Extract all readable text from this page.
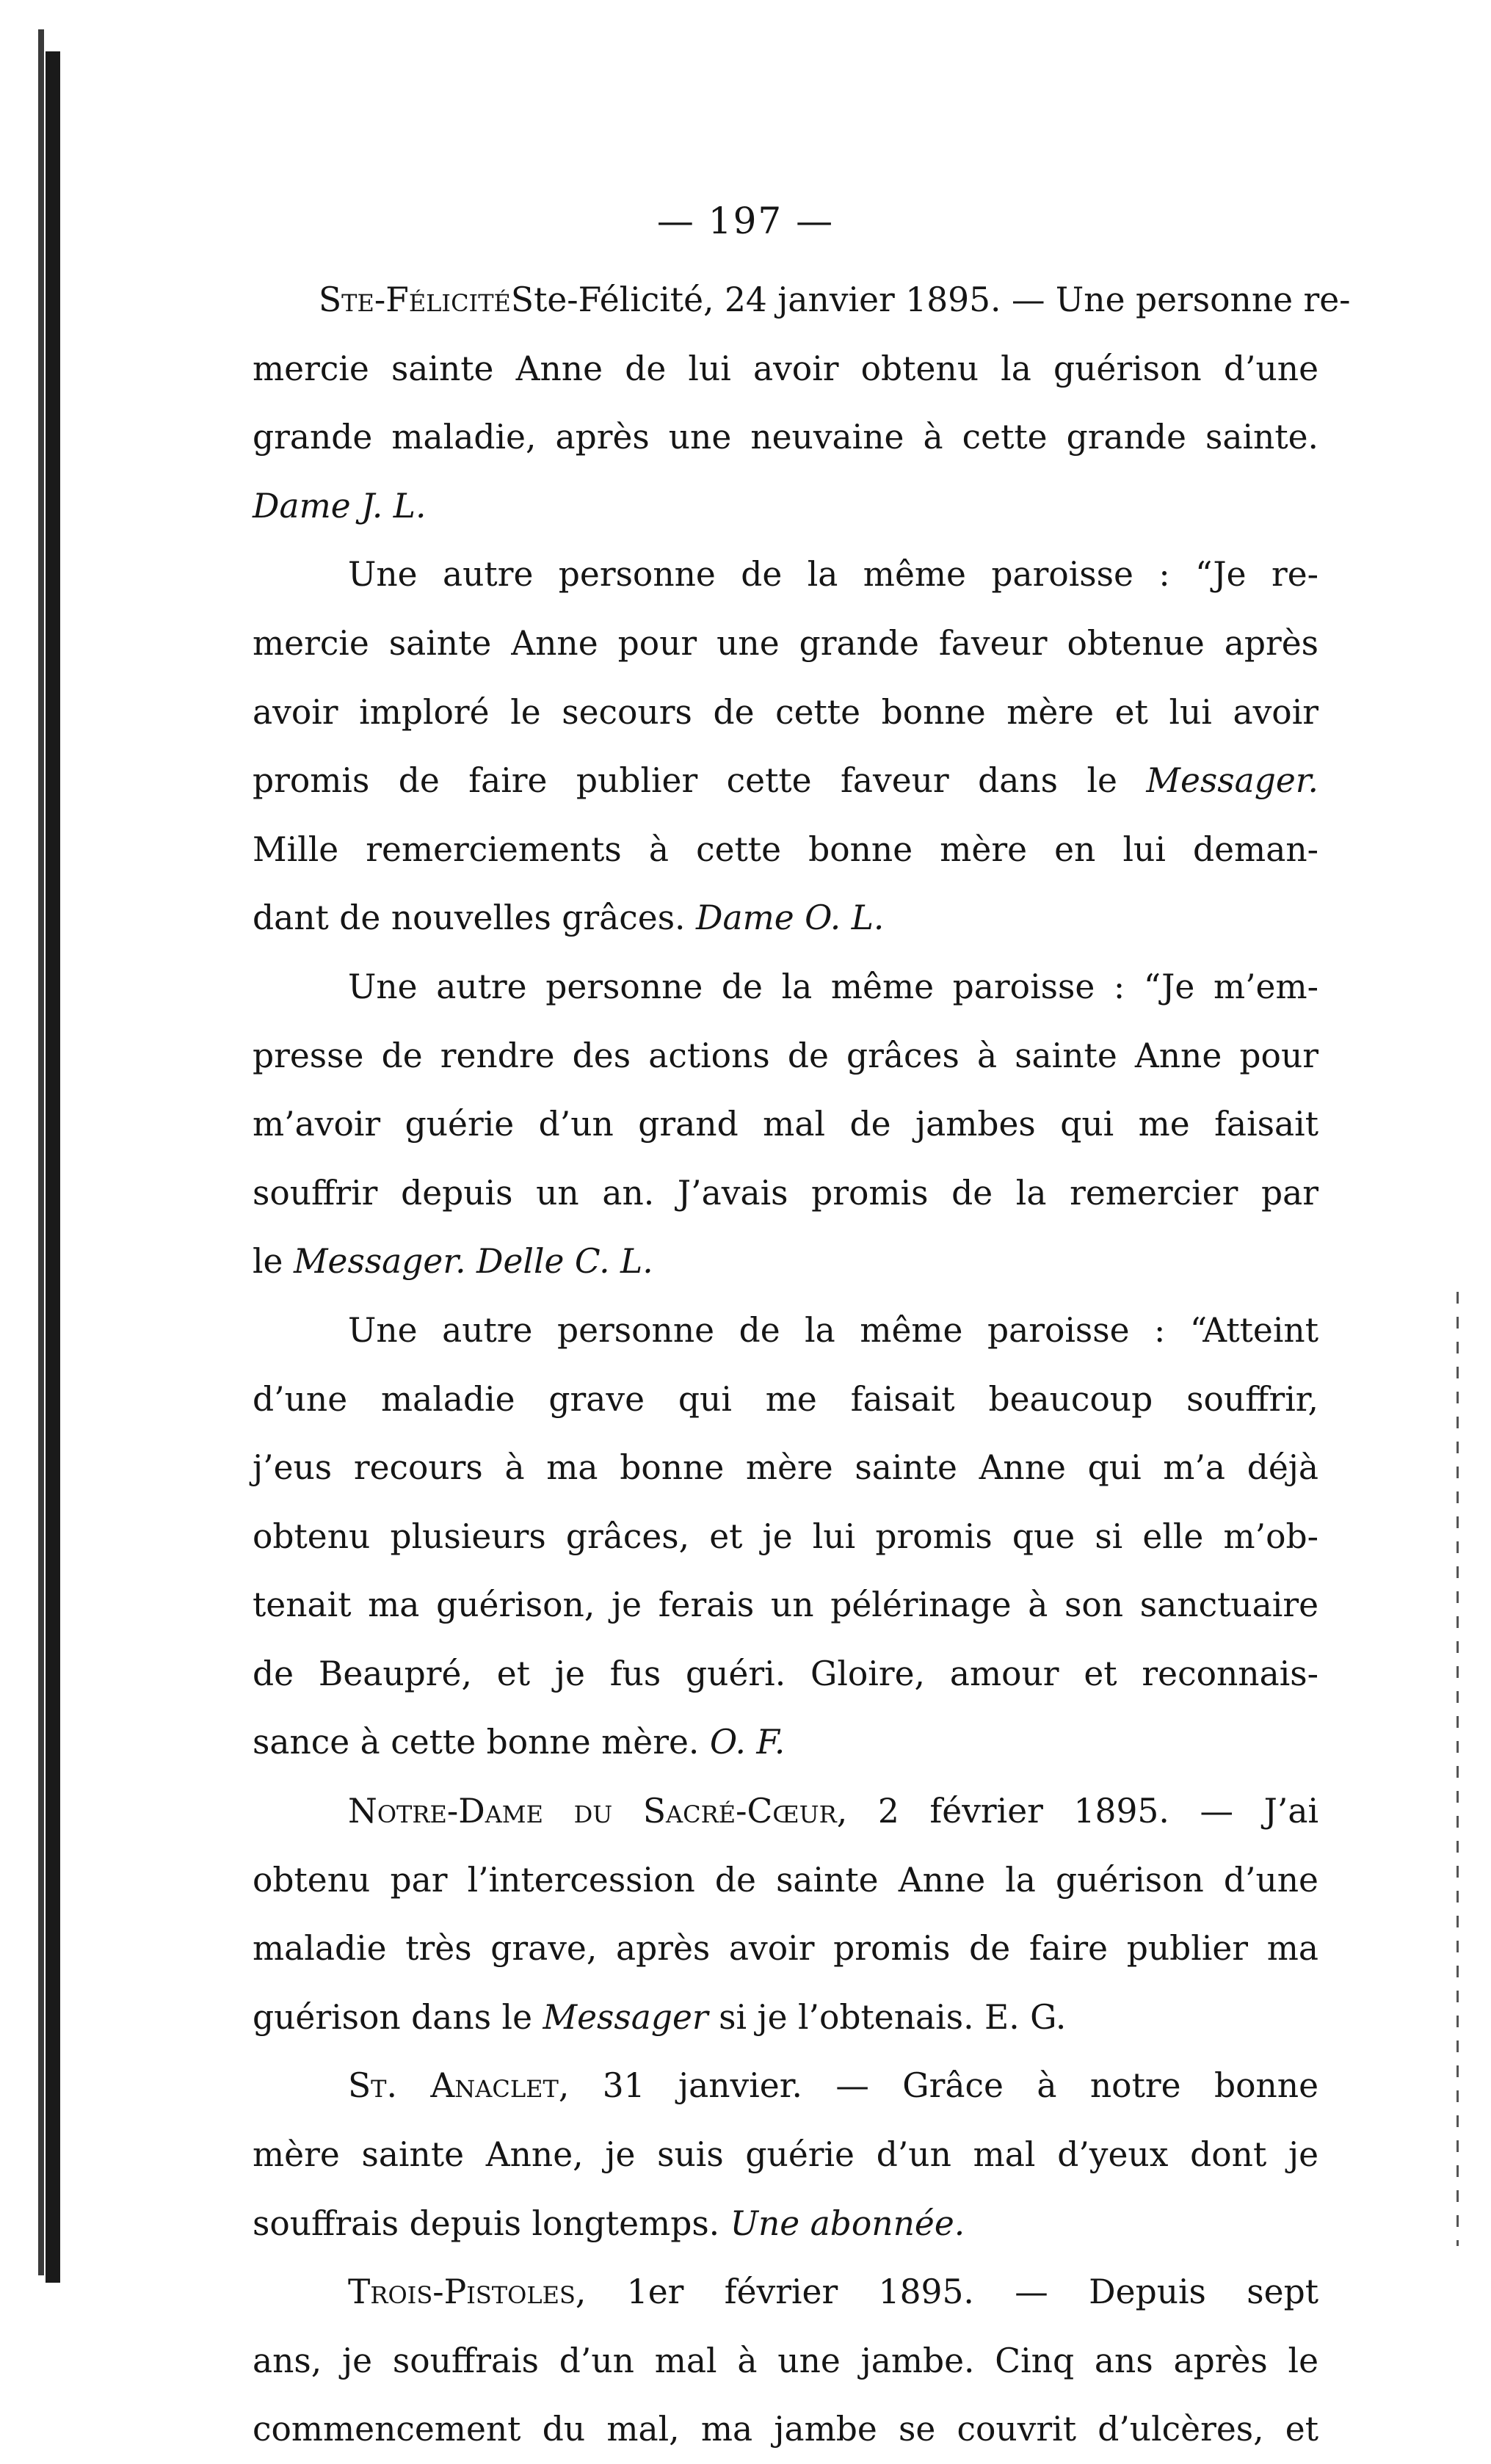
— 197 —
Ste-FélicitéSte-Félicité, 24 janvier 1895. — Une personne re-
mercie sainte Anne de lui avoir obtenu la guérison d’une
grande maladie, après une neuvaine à cette grande sainte.
Dame J. L.
Une autre personne de la même paroisse : “Je re-
mercie sainte Anne pour une grande faveur obtenue après
avoir imploré le secours de cette bonne mère et lui avoir
promis de faire publier cette faveur dans le Messager.
Mille remerciements à cette bonne mère en lui deman-
dant de nouvelles grâces. Dame O. L.
Une autre personne de la même paroisse : “Je m’em-
presse de rendre des actions de grâces à sainte Anne pour
m’avoir guérie d’un grand mal de jambes qui me faisait
souffrir depuis un an. J’avais promis de la remercier par
le Messager. Delle C. L.
Une autre personne de la même paroisse : “Atteint
d’une maladie grave qui me faisait beaucoup souffrir,
j’eus recours à ma bonne mère sainte Anne qui m’a déjà
obtenu plusieurs grâces, et je lui promis que si elle m’ob-
tenait ma guérison, je ferais un pélérinage à son sanctuaire
de Beaupré, et je fus guéri. Gloire, amour et reconnais-
sance à cette bonne mère. O. F.
Notre-Dame du Sacré-Cœur, 2 février 1895. — J’ai
obtenu par l’intercession de sainte Anne la guérison d’une
maladie très grave, après avoir promis de faire publier ma
guérison dans le Messager si je l’obtenais. E. G.
St. Anaclet, 31 janvier. — Grâce à notre bonne
mère sainte Anne, je suis guérie d’un mal d’yeux dont je
souffrais depuis longtemps. Une abonnée.
Trois-Pistoles, 1er février 1895. — Depuis sept
ans, je souffrais d’un mal à une jambe. Cinq ans après le
commencement du mal, ma jambe se couvrit d’ulcères, et
